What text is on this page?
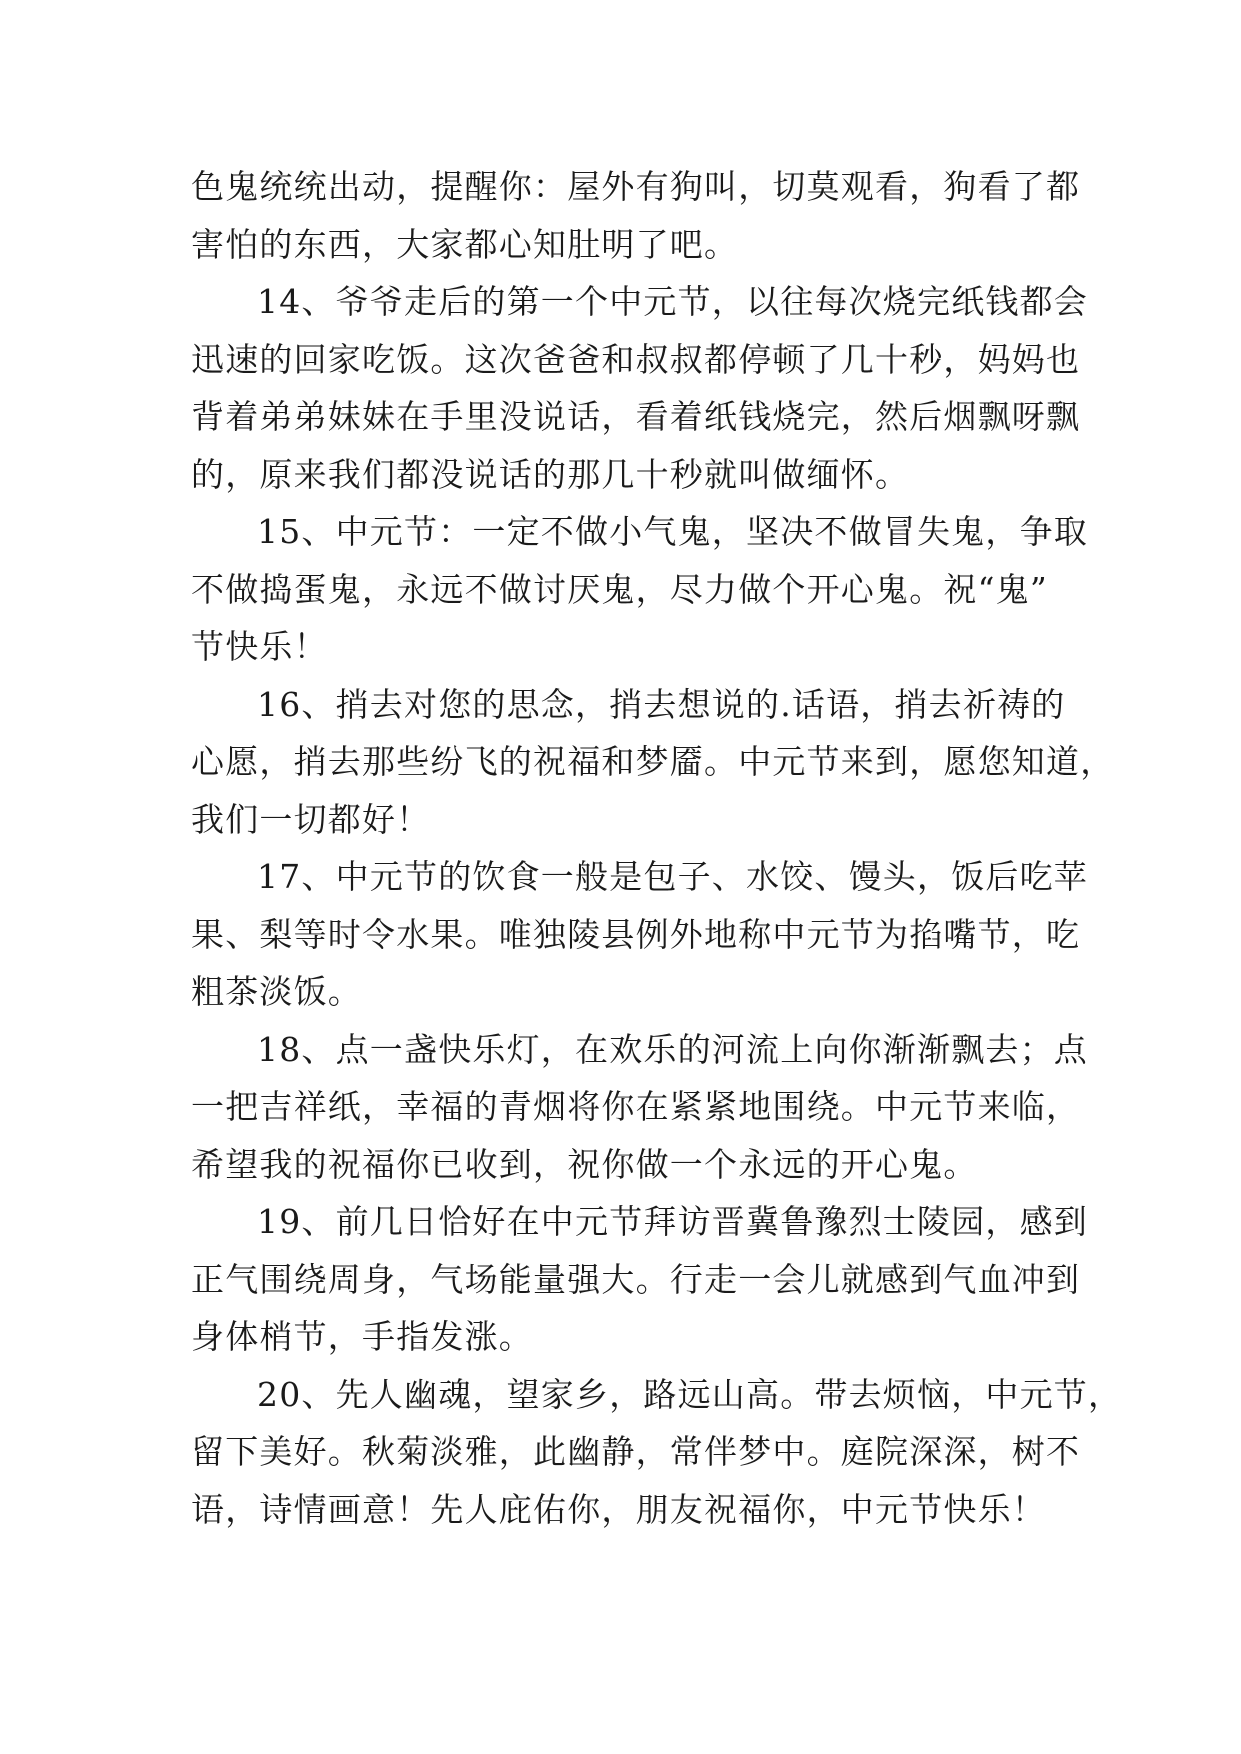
色鬼统统出动，提醒你：屋外有狗叫，切莫观看，狗看了都
害怕的东西，大家都心知肚明了吧。
14、爷爷走后的第一个中元节，以往每次烧完纸钱都会
迅速的回家吃饭。这次爸爸和叔叔都停顿了几十秒，妈妈也
背着弟弟妹妹在手里没说话，看着纸钱烧完，然后烟飘呀飘
的，原来我们都没说话的那几十秒就叫做缅怀。
15、中元节：一定不做小气鬼，坚决不做冒失鬼，争取
不做捣蛋鬼，永远不做讨厌鬼，尽力做个开心鬼。祝“鬼”
节快乐！
16、捎去对您的思念，捎去想说的.话语，捎去祈祷的
心愿，捎去那些纷飞的祝福和梦靥。中元节来到，愿您知道，
我们一切都好！
17、中元节的饮食一般是包子、水饺、馒头，饭后吃苹
果、梨等时令水果。唯独陵县例外地称中元节为掐嘴节，吃
粗茶淡饭。
18、点一盏快乐灯，在欢乐的河流上向你渐渐飘去；点
一把吉祥纸，幸福的青烟将你在紧紧地围绕。中元节来临，
希望我的祝福你已收到，祝你做一个永远的开心鬼。
19、前几日恰好在中元节拜访晋冀鲁豫烈士陵园，感到
正气围绕周身，气场能量强大。行走一会儿就感到气血冲到
身体梢节，手指发涨。
20、先人幽魂，望家乡，路远山高。带去烦恼，中元节，
留下美好。秋菊淡雅，此幽静，常伴梦中。庭院深深，树不
语，诗情画意！先人庇佑你，朋友祝福你，中元节快乐！
